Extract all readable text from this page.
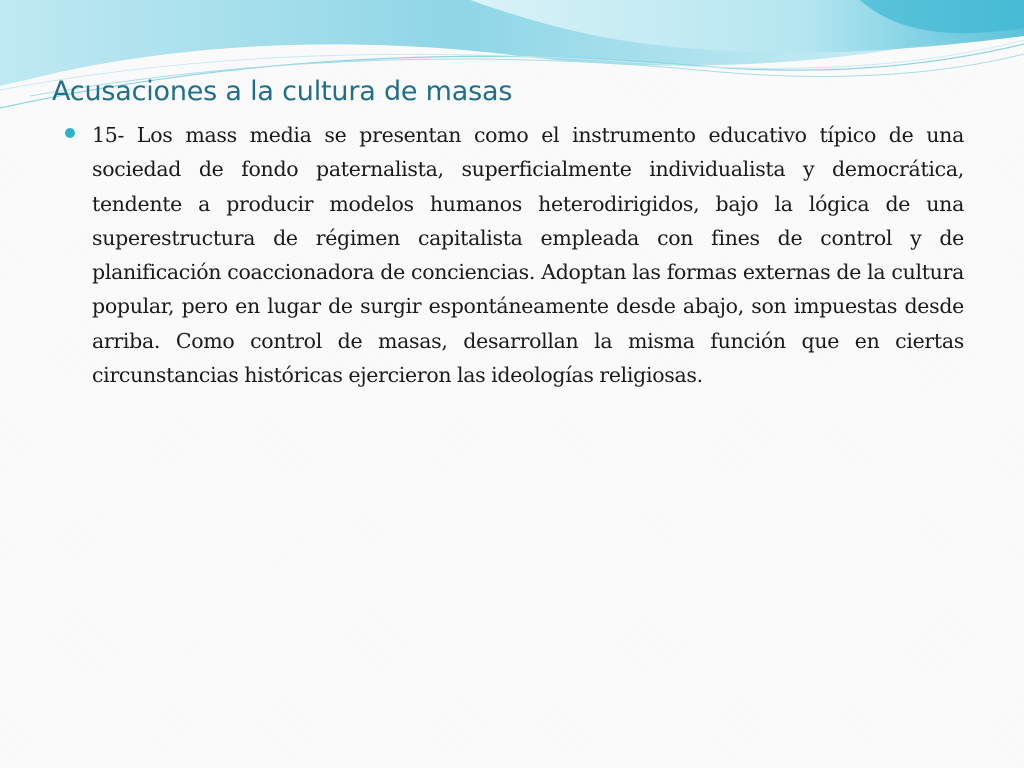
Acusaciones a la cultura de masas

15- Los mass media se presentan como el instrumento educativo típico de una sociedad de fondo paternalista, superficialmente individualista y democrática, tendente a producir modelos humanos heterodirigidos, bajo la lógica de una superestructura de régimen capitalista empleada con fines de control y de planificación coaccionadora de conciencias. Adoptan las formas externas de la cultura popular, pero en lugar de surgir espontáneamente desde abajo, son impuestas desde arriba. Como control de masas, desarrollan la misma función que en ciertas circunstancias históricas ejercieron las ideologías religiosas.
